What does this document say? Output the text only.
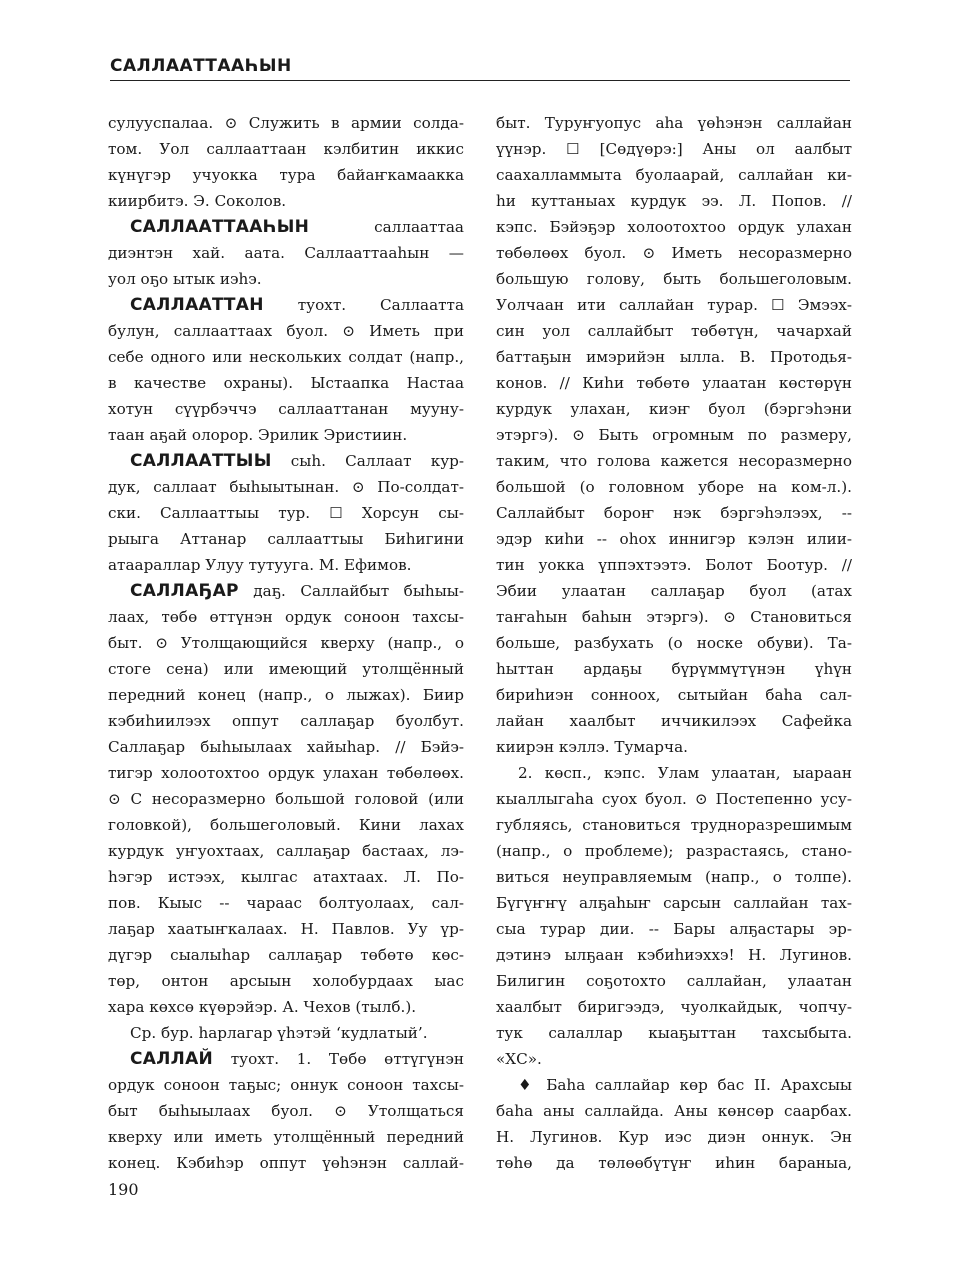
САЛЛААТТААҺЫН
сулууспалаа. ⊙ Служить в армии солда-
том. Уол саллааттаан кэлбитин иккис
күнүгэр учуокка тура байаҥкамаакка
киирбитэ. Э. Соколов.
САЛЛААТТААҺЫН саллааттаа
диэнтэн хай. аата. Саллааттааһын —
уол оҕо ытык иэһэ.
САЛЛААТТАН туохт. Саллаатта
булун, саллааттаах буол. ⊙ Иметь при
себе одного или нескольких солдат (напр.,
в качестве охраны). Ыстаапка Настаа
хотун сүүрбэччэ саллааттанан мууну-
таан аҕай олорор. Эрилик Эристиин.
САЛЛААТТЫЫ сыһ. Саллаат кур-
дук, саллаат быһыытынан. ⊙ По-солдат-
ски. Саллааттыы тур. ☐ Хорсун сы-
рыыга Аттанар саллааттыы Биһигини
атаараллар Улуу тутууга. М. Ефимов.
САЛЛАҔАР даҕ. Саллайбыт быһыы-
лаах, төбө өттүнэн ордук соноон тахсы-
быт. ⊙ Утолщающийся кверху (напр., о
стоге сена) или имеющий утолщённый
передний конец (напр., о лыжах). Биир
кэбиһиилээх оппут саллаҕар буолбут.
Саллаҕар быһыылаах хайыһар. // Бэйэ-
тигэр холоотохтоо ордук улахан төбөлөөх.
⊙ С несоразмерно большой головой (или
головкой), большеголовый. Кини лахах
курдук уҥуохтаах, саллаҕар бастаах, лэ-
һэгэр истээх, кылгас атахтаах. Л. По-
пов. Кыыс -- чараас болтуолаах, сал-
лаҕар хаатыҥкалаах. Н. Павлов. Уу үр-
дүгэр сыалыһар саллаҕар төбөтө көс-
төр, онтон арсыын холобурдаах ыас
хара көхсө күөрэйэр. А. Чехов (тылб.).
Ср. бур. һарлагар үһэтэй ‘кудлатый’.
САЛЛАЙ туохт. 1. Төбө өттүгүнэн
ордук соноон таҕыс; оннук соноон тахсы-
быт быһыылаах буол. ⊙ Утолщаться
кверху или иметь утолщённый передний
конец. Кэбиһэр оппут үөһэнэн саллай-
быт. Туруҥуопус аһа үөһэнэн саллайан
үүнэр. ☐ [Сөдүөрэ:] Аны ол аалбыт
саахалламмыта буолаарай, саллайан ки-
һи куттаныах курдук ээ. Л. Попов. //
кэпс. Бэйэҕэр холоотохтоо ордук улахан
төбөлөөх буол. ⊙ Иметь несоразмерно
большую голову, быть большеголовым.
Уолчаан ити саллайан турар. ☐ Эмээх-
син уол саллайбыт төбөтүн, чачархай
баттаҕын имэрийэн ылла. В. Протодья-
конов. // Киһи төбөтө улаатан көстөрүн
курдук улахан, киэҥ буол (бэргэһэни
этэргэ). ⊙ Быть огромным по размеру,
таким, что голова кажется несоразмерно
большой (о головном уборе на ком-л.).
Саллайбыт бороҥ нэк бэргэһэлээх, --
эдэр киһи -- оһох иннигэр кэлэн илии-
тин уокка үппэхтээтэ. Болот Боотур. //
Эбии улаатан саллаҕар буол (атах
таҥаһын баһын этэргэ). ⊙ Становиться
больше, разбухать (о носке обуви). Та-
һыттан ардаҕы бүрүммүтүнэн үһүн
бириһиэн сонноох, сытыйан баһа сал-
лайан хаалбыт иччикилээх Сафейка
киирэн кэллэ. Тумарча.
2. көсп., кэпс. Улам улаатан, ыараан
кыаллыгаһа суох буол. ⊙ Постепенно усу-
губляясь, становиться трудноразрешимым
(напр., о проблеме); разрастаясь, стано-
виться неуправляемым (напр., о толпе).
Бүгүҥҥү алҕаһыҥ сарсын саллайан тах-
сыа турар дии. -- Бары алҕастары эр-
дэтинэ ылҕаан кэбиһиэххэ! Н. Лугинов.
Билигин соҕотохто саллайан, улаатан
хаалбыт биригээдэ, чуолкайдык, чопчу-
тук салаллар кыаҕыттан тахсыбыта.
«ХС».
♦ Баһа саллайар көр бас II. Арахсыы
баһа аны саллайда. Аны көнсөр саарбах.
Н. Лугинов. Кур иэс диэн оннук. Эн
төһө да төлөөбүтүҥ иһин бараныа,
190
